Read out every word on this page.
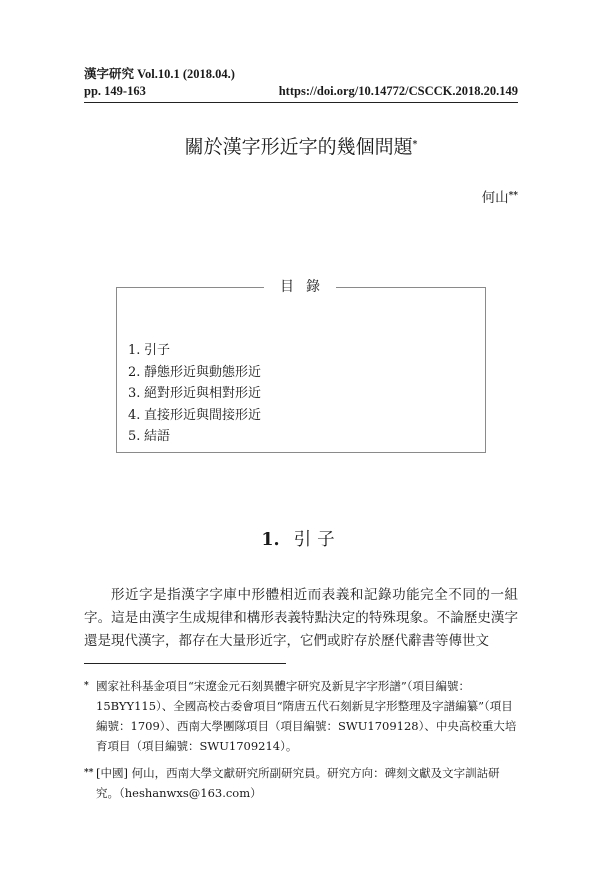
漢字研究 Vol.10.1 (2018.04.)
pp. 149-163	https://doi.org/10.14772/CSCCK.2018.20.149
關於漢字形近字的幾個問題*
何山**
目錄
1. 引子
2. 靜態形近與動態形近
3. 絕對形近與相對形近
4. 直接形近與間接形近
5. 結語
1. 引子

形近字是指漢字字庫中形體相近而表義和記錄功能完全不同的一組字。這是由漢字生成規律和構形表義特點決定的特殊現象。不論歷史漢字還是現代漢字，都存在大量形近字，它們或貯存於歷代辭書等傳世文

* 國家社科基金項目“宋遼金元石刻異體字研究及新見字字形譜”（項目編號：15BYY115）、全國高校古委會項目“隋唐五代石刻新見字形整理及字譜編纂”（項目編號：1709）、西南大學團隊項目（項目編號：SWU1709128）、中央高校重大培育項目（項目編號：SWU1709214）。
** [中國] 何山，西南大學文獻研究所副研究員。研究方向：碑刻文獻及文字訓詁研究。（heshanwxs@163.com）
